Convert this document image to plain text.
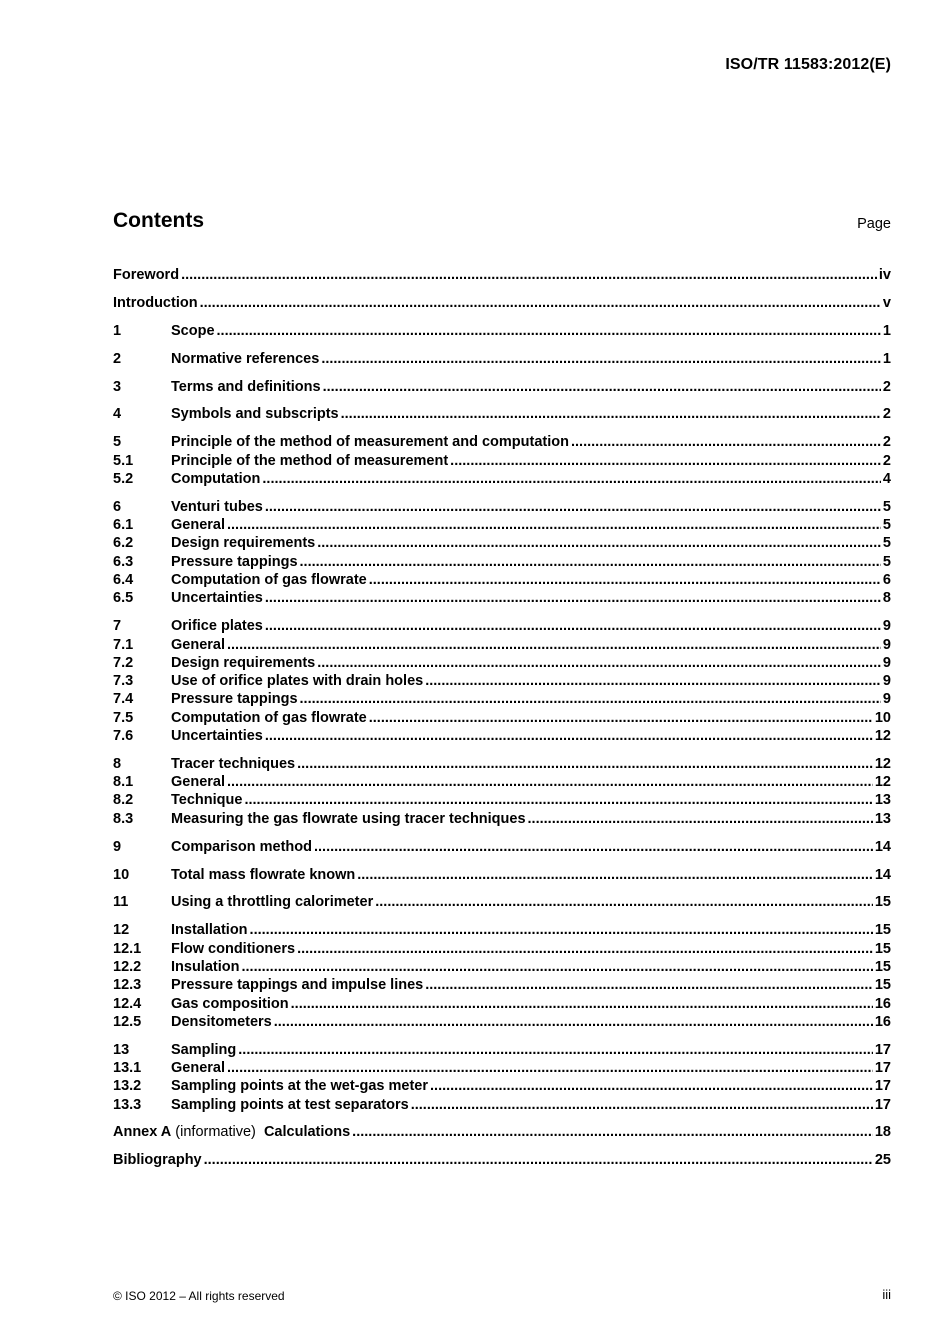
ISO/TR 11583:2012(E)
Contents	Page
Foreword .....	iv
Introduction .....	v
1	Scope .....	1
2	Normative references .....	1
3	Terms and definitions .....	2
4	Symbols and subscripts .....	2
5	Principle of the method of measurement and computation .....	2
5.1	Principle of the method of measurement .....	2
5.2	Computation .....	4
6	Venturi tubes .....	5
6.1	General .....	5
6.2	Design requirements .....	5
6.3	Pressure tappings .....	5
6.4	Computation of gas flowrate .....	6
6.5	Uncertainties .....	8
7	Orifice plates .....	9
7.1	General .....	9
7.2	Design requirements .....	9
7.3	Use of orifice plates with drain holes .....	9
7.4	Pressure tappings .....	9
7.5	Computation of gas flowrate .....	10
7.6	Uncertainties .....	12
8	Tracer techniques .....	12
8.1	General .....	12
8.2	Technique .....	13
8.3	Measuring the gas flowrate using tracer techniques .....	13
9	Comparison method .....	14
10	Total mass flowrate known .....	14
11	Using a throttling calorimeter .....	15
12	Installation .....	15
12.1	Flow conditioners .....	15
12.2	Insulation .....	15
12.3	Pressure tappings and impulse lines .....	15
12.4	Gas composition .....	16
12.5	Densitometers .....	16
13	Sampling .....	17
13.1	General .....	17
13.2	Sampling points at the wet-gas meter .....	17
13.3	Sampling points at test separators .....	17
Annex A (informative)  Calculations .....	18
Bibliography .....	25
© ISO 2012 – All rights reserved	iii
